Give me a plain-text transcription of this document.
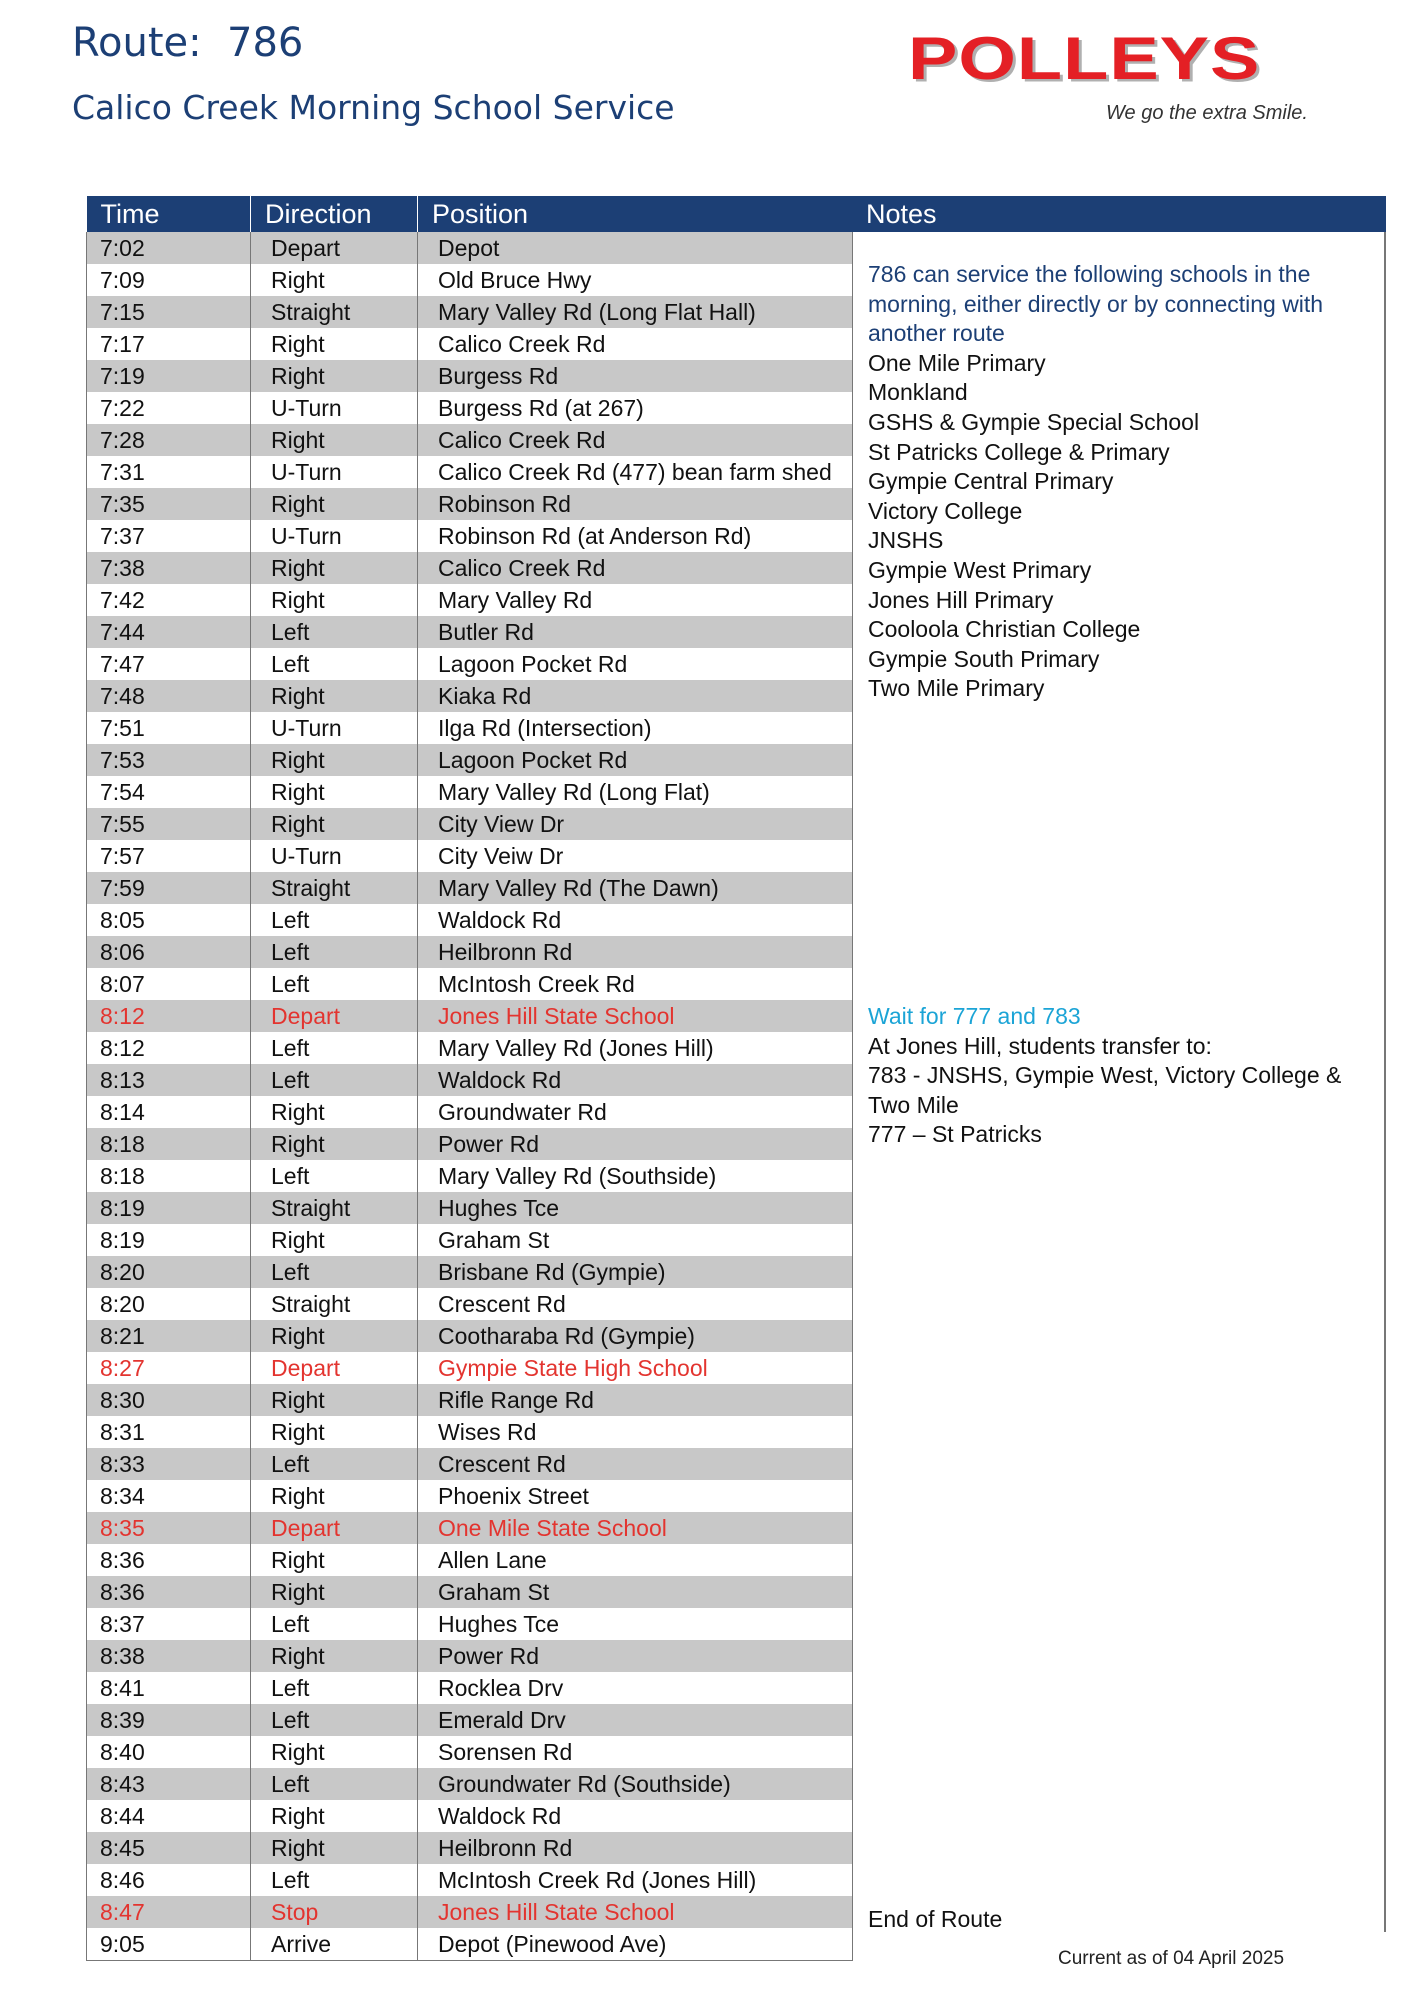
Route:  786
Calico Creek Morning School Service
POLLEYS
We go the extra Smile.
Time	Direction	Position
7:02	Depart	Depot
7:09	Right	Old Bruce Hwy
7:15	Straight	Mary Valley Rd (Long Flat Hall)
7:17	Right	Calico Creek Rd
7:19	Right	Burgess Rd
7:22	U-Turn	Burgess Rd (at 267)
7:28	Right	Calico Creek Rd
7:31	U-Turn	Calico Creek Rd (477) bean farm shed
7:35	Right	Robinson Rd
7:37	U-Turn	Robinson Rd (at Anderson Rd)
7:38	Right	Calico Creek Rd
7:42	Right	Mary Valley Rd
7:44	Left	Butler Rd
7:47	Left	Lagoon Pocket Rd
7:48	Right	Kiaka Rd
7:51	U-Turn	Ilga Rd (Intersection)
7:53	Right	Lagoon Pocket Rd
7:54	Right	Mary Valley Rd (Long Flat)
7:55	Right	City View Dr
7:57	U-Turn	City Veiw Dr
7:59	Straight	Mary Valley Rd (The Dawn)
8:05	Left	Waldock Rd
8:06	Left	Heilbronn Rd
8:07	Left	McIntosh Creek Rd
8:12	Depart	Jones Hill State School
8:12	Left	Mary Valley Rd (Jones Hill)
8:13	Left	Waldock Rd
8:14	Right	Groundwater Rd
8:18	Right	Power Rd
8:18	Left	Mary Valley Rd (Southside)
8:19	Straight	Hughes Tce
8:19	Right	Graham St
8:20	Left	Brisbane Rd (Gympie)
8:20	Straight	Crescent Rd
8:21	Right	Cootharaba Rd (Gympie)
8:27	Depart	Gympie State High School
8:30	Right	Rifle Range Rd
8:31	Right	Wises Rd
8:33	Left	Crescent Rd
8:34	Right	Phoenix Street
8:35	Depart	One Mile State School
8:36	Right	Allen Lane
8:36	Right	Graham St
8:37	Left	Hughes Tce
8:38	Right	Power Rd
8:41	Left	Rocklea Drv
8:39	Left	Emerald Drv
8:40	Right	Sorensen Rd
8:43	Left	Groundwater Rd (Southside)
8:44	Right	Waldock Rd
8:45	Right	Heilbronn Rd
8:46	Left	McIntosh Creek Rd (Jones Hill)
8:47	Stop	Jones Hill State School
9:05	Arrive	Depot (Pinewood Ave)
Notes
786 can service the following schools in the morning, either directly or by connecting with another route
One Mile Primary
Monkland
GSHS & Gympie Special School
St Patricks College & Primary
Gympie Central Primary
Victory College
JNSHS
Gympie West Primary
Jones Hill Primary
Cooloola Christian College
Gympie South Primary
Two Mile Primary
Wait for 777 and 783
At Jones Hill, students transfer to:
783 - JNSHS, Gympie West, Victory College & Two Mile
777 – St Patricks
End of Route
Current as of 04 April 2025
